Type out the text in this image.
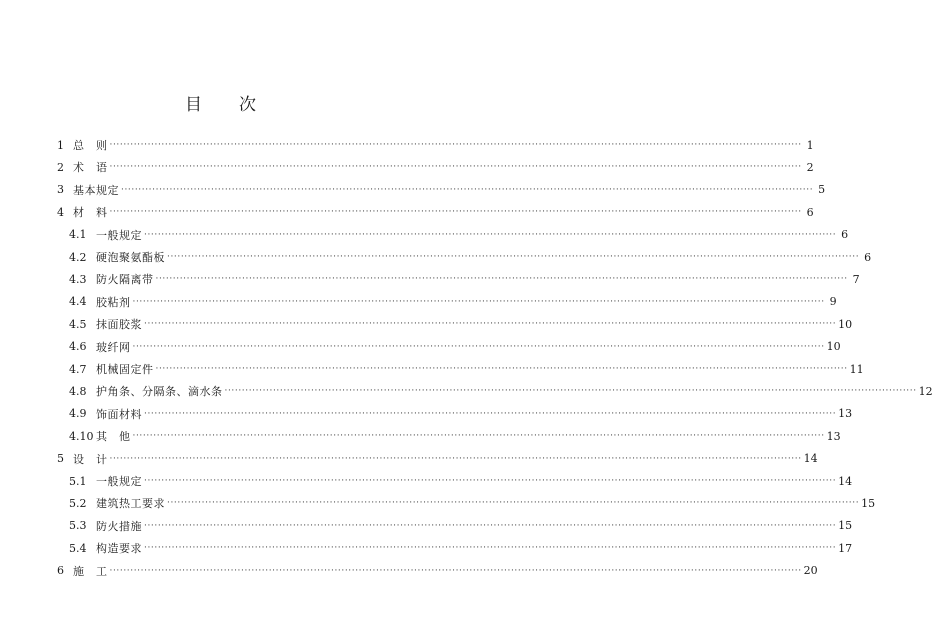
目 次
1 总　则 ········································································································································································································ 1
2 术　语 ········································································································································································································ 2
3 基本规定 ········································································································································································································ 5
4 材　料 ········································································································································································································ 6
4.1 一般规定 ········································································································································································································ 6
4.2 硬泡聚氨酯板 ········································································································································································································ 6
4.3 防火隔离带 ········································································································································································································ 7
4.4 胶粘剂 ········································································································································································································ 9
4.5 抹面胶浆 ········································································································································································································ 10
4.6 玻纤网 ········································································································································································································ 10
4.7 机械固定件 ········································································································································································································ 11
4.8 护角条、分隔条、滴水条 ········································································································································································································ 12
4.9 饰面材料 ········································································································································································································ 13
4.10 其　他 ········································································································································································································ 13
5 设　计 ········································································································································································································ 14
5.1 一般规定 ········································································································································································································ 14
5.2 建筑热工要求 ········································································································································································································ 15
5.3 防火措施 ········································································································································································································ 15
5.4 构造要求 ········································································································································································································ 17
6 施　工 ········································································································································································································ 20
